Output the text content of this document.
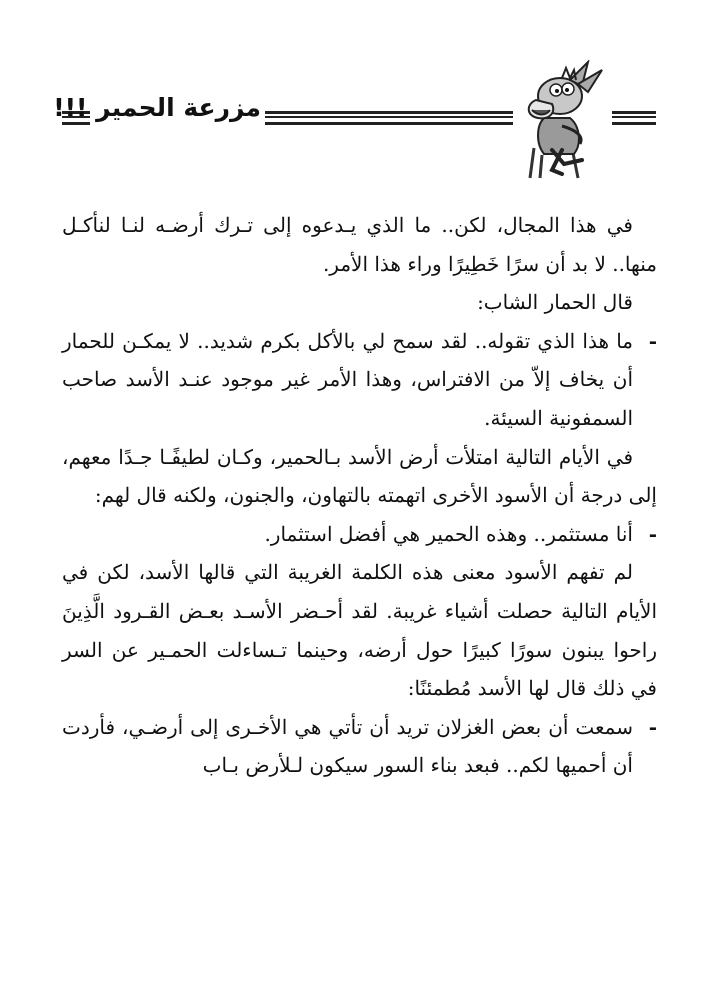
مزرعة الحمير !!!

في هذا المجال، لكن.. ما الذي يـدعوه إلى تـرك أرضـه لنـا لنأكـل منها.. لا بد أن سرًا خَطِيرًا وراء هذا الأمر.

قال الحمار الشاب:

-
ما هذا الذي تقوله.. لقد سمح لي بالأكل بكرم شديد.. لا يمكـن للحمار أن يخاف إلاّ من الافتراس، وهذا الأمر غير موجود عنـد الأسد صاحب السمفونية السيئة.

في الأيام التالية امتلأت أرض الأسد بـالحمير، وكـان لطيفًـا جـدًا معهم، إلى درجة أن الأسود الأخرى اتهمته بالتهاون، والجنون، ولكنه قال لهم:

-
أنا مستثمر.. وهذه الحمير هي أفضل استثمار.

لم تفهم الأسود معنى هذه الكلمة الغريبة التي قالها الأسد، لكن في الأيام التالية حصلت أشياء غريبة. لقد أحـضر الأسـد بعـض القـرود الَّذِينَ راحوا يبنون سورًا كبيرًا حول أرضه، وحينما تـساءلت الحمـير عن السر في ذلك قال لها الأسد مُطمئنًا:

-
سمعت أن بعض الغزلان تريد أن تأتي هي الأخـرى إلى أرضـي، فأردت أن أحميها لكم.. فبعد بناء السور سيكون لـلأرض بـاب
